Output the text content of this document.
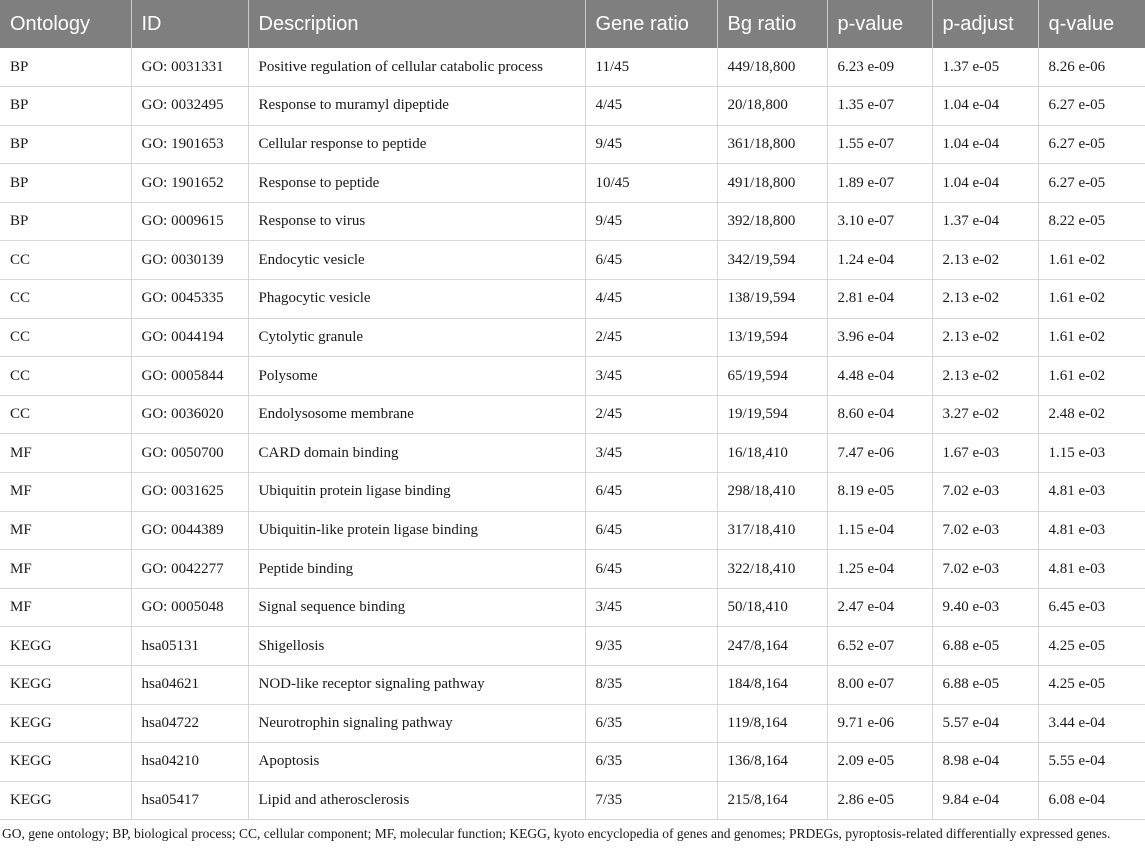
Ontology	ID	Description	Gene ratio	Bg ratio	p-value	p-adjust	q-value
BP	GO: 0031331	Positive regulation of cellular catabolic process	11/45	449/18,800	6.23 e-09	1.37 e-05	8.26 e-06
BP	GO: 0032495	Response to muramyl dipeptide	4/45	20/18,800	1.35 e-07	1.04 e-04	6.27 e-05
BP	GO: 1901653	Cellular response to peptide	9/45	361/18,800	1.55 e-07	1.04 e-04	6.27 e-05
BP	GO: 1901652	Response to peptide	10/45	491/18,800	1.89 e-07	1.04 e-04	6.27 e-05
BP	GO: 0009615	Response to virus	9/45	392/18,800	3.10 e-07	1.37 e-04	8.22 e-05
CC	GO: 0030139	Endocytic vesicle	6/45	342/19,594	1.24 e-04	2.13 e-02	1.61 e-02
CC	GO: 0045335	Phagocytic vesicle	4/45	138/19,594	2.81 e-04	2.13 e-02	1.61 e-02
CC	GO: 0044194	Cytolytic granule	2/45	13/19,594	3.96 e-04	2.13 e-02	1.61 e-02
CC	GO: 0005844	Polysome	3/45	65/19,594	4.48 e-04	2.13 e-02	1.61 e-02
CC	GO: 0036020	Endolysosome membrane	2/45	19/19,594	8.60 e-04	3.27 e-02	2.48 e-02
MF	GO: 0050700	CARD domain binding	3/45	16/18,410	7.47 e-06	1.67 e-03	1.15 e-03
MF	GO: 0031625	Ubiquitin protein ligase binding	6/45	298/18,410	8.19 e-05	7.02 e-03	4.81 e-03
MF	GO: 0044389	Ubiquitin-like protein ligase binding	6/45	317/18,410	1.15 e-04	7.02 e-03	4.81 e-03
MF	GO: 0042277	Peptide binding	6/45	322/18,410	1.25 e-04	7.02 e-03	4.81 e-03
MF	GO: 0005048	Signal sequence binding	3/45	50/18,410	2.47 e-04	9.40 e-03	6.45 e-03
KEGG	hsa05131	Shigellosis	9/35	247/8,164	6.52 e-07	6.88 e-05	4.25 e-05
KEGG	hsa04621	NOD-like receptor signaling pathway	8/35	184/8,164	8.00 e-07	6.88 e-05	4.25 e-05
KEGG	hsa04722	Neurotrophin signaling pathway	6/35	119/8,164	9.71 e-06	5.57 e-04	3.44 e-04
KEGG	hsa04210	Apoptosis	6/35	136/8,164	2.09 e-05	8.98 e-04	5.55 e-04
KEGG	hsa05417	Lipid and atherosclerosis	7/35	215/8,164	2.86 e-05	9.84 e-04	6.08 e-04
GO, gene ontology; BP, biological process; CC, cellular component; MF, molecular function; KEGG, kyoto encyclopedia of genes and genomes; PRDEGs, pyroptosis-related differentially expressed genes.
